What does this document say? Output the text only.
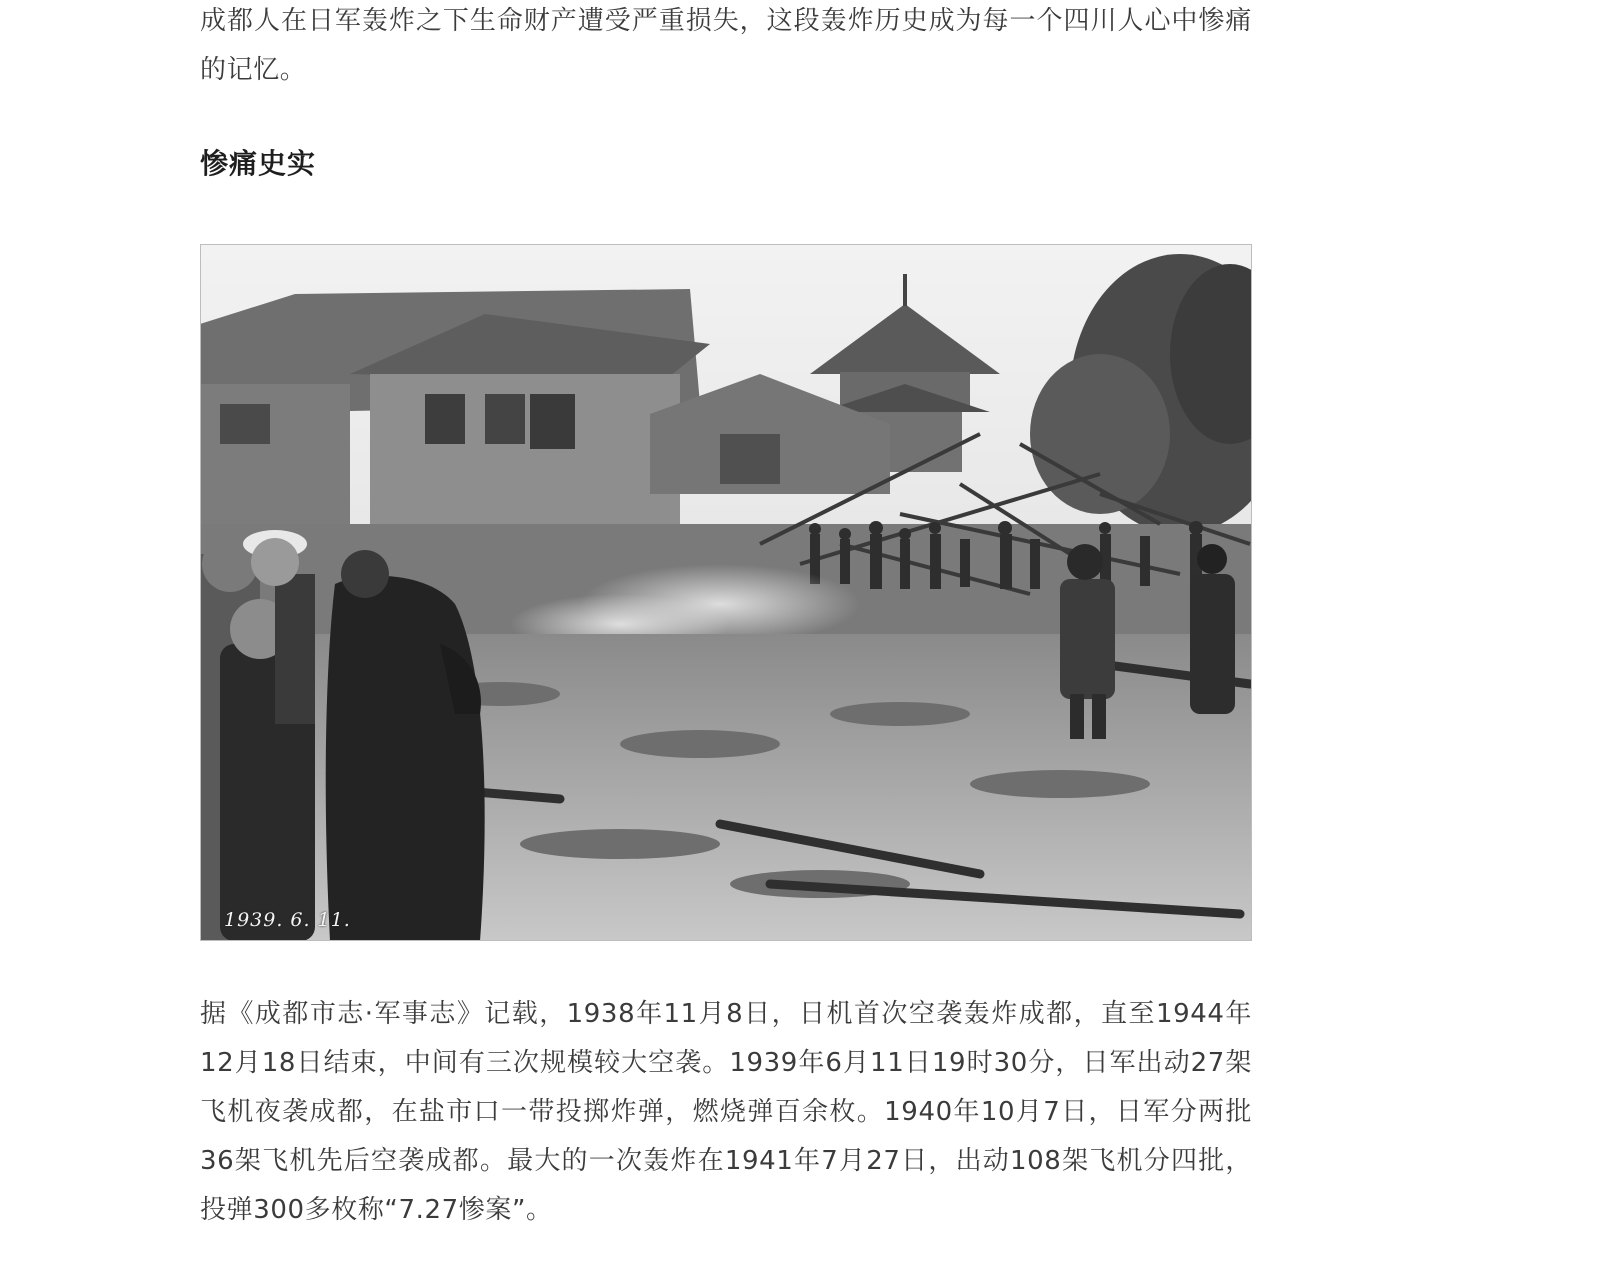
成都人在日军轰炸之下生命财产遭受严重损失，这段轰炸历史成为每一个四川人心中惨痛的记忆。

惨痛史实
1939. 6. 11.

据《成都市志·军事志》记载，1938年11月8日，日机首次空袭轰炸成都，直至1944年12月18日结束，中间有三次规模较大空袭。1939年6月11日19时30分，日军出动27架飞机夜袭成都，在盐市口一带投掷炸弹，燃烧弹百余枚。1940年10月7日，日军分两批36架飞机先后空袭成都。最大的一次轰炸在1941年7月27日，出动108架飞机分四批，投弹300多枚称“7.27惨案”。
